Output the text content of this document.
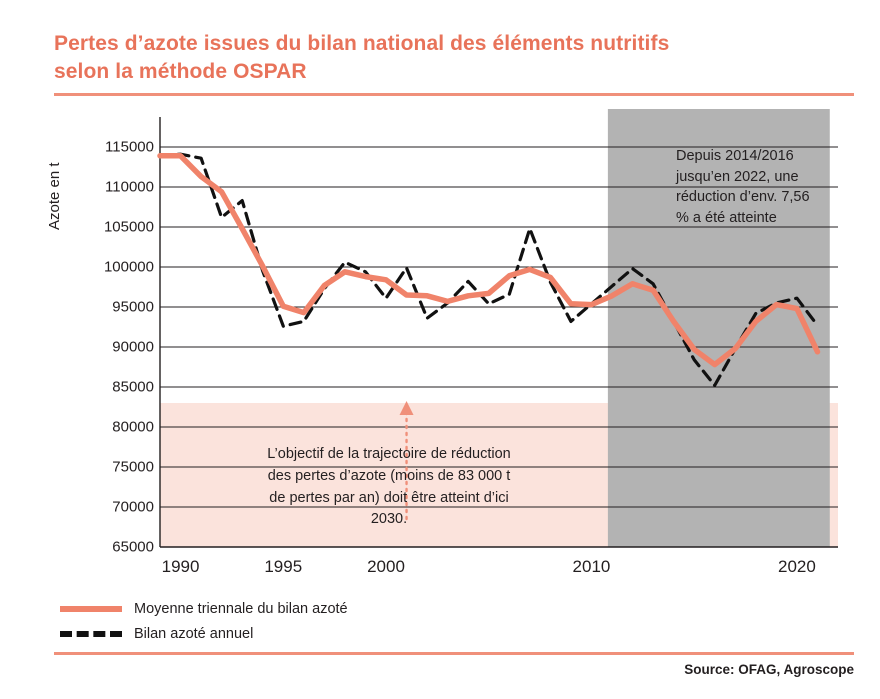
Pertes d’azote issues du bilan national des éléments nutritifs selon la méthode OSPAR
Azote en t
65000
70000
75000
80000
85000
90000
95000
100000
105000
110000
115000
1990	1995	2000	2010	2020
Depuis 2014/2016 jusqu’en 2022, une réduction d’env. 7,56 % a été atteinte
L’objectif de la trajectoire de réduction des pertes d’azote (moins de 83 000 t de pertes par an) doit être atteint d’ici 2030.
Moyenne triennale du bilan azoté
Bilan azoté annuel
Source: OFAG, Agroscope
